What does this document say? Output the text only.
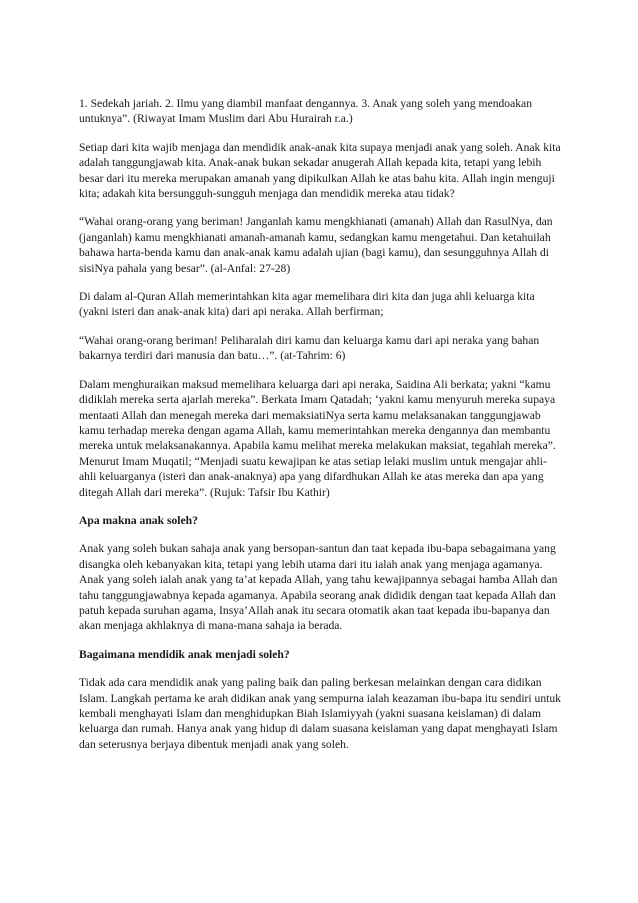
1. Sedekah jariah. 2. Ilmu yang diambil manfaat dengannya. 3. Anak yang soleh yang mendoakan untuknya”. (Riwayat Imam Muslim dari Abu Hurairah r.a.)

Setiap dari kita wajib menjaga dan mendidik anak-anak kita supaya menjadi anak yang soleh. Anak kita adalah tanggungjawab kita. Anak-anak bukan sekadar anugerah Allah kepada kita, tetapi yang lebih besar dari itu mereka merupakan amanah yang dipikulkan Allah ke atas bahu kita. Allah ingin menguji kita; adakah kita bersungguh-sungguh menjaga dan mendidik mereka atau tidak?

“Wahai orang-orang yang beriman! Janganlah kamu mengkhianati (amanah) Allah dan RasulNya, dan (janganlah) kamu mengkhianati amanah-amanah kamu, sedangkan kamu mengetahui. Dan ketahuilah bahawa harta-benda kamu dan anak-anak kamu adalah ujian (bagi kamu), dan sesungguhnya Allah di sisiNya pahala yang besar”. (al-Anfal: 27-28)

Di dalam al-Quran Allah memerintahkan kita agar memelihara diri kita dan juga ahli keluarga kita (yakni isteri dan anak-anak kita) dari api neraka. Allah berfirman;

“Wahai orang-orang beriman! Peliharalah diri kamu dan keluarga kamu dari api neraka yang bahan bakarnya terdiri dari manusia dan batu…”. (at-Tahrim: 6)

Dalam menghuraikan maksud memelihara keluarga dari api neraka, Saidina Ali berkata; yakni “kamu didiklah mereka serta ajarlah mereka”. Berkata Imam Qatadah; ‘yakni kamu menyuruh mereka supaya mentaati Allah dan menegah mereka dari memaksiatiNya serta kamu melaksanakan tanggungjawab kamu terhadap mereka dengan agama Allah, kamu memerintahkan mereka dengannya dan membantu mereka untuk melaksanakannya. Apabila kamu melihat mereka melakukan maksiat, tegahlah mereka”. Menurut Imam Muqatil; “Menjadi suatu kewajipan ke atas setiap lelaki muslim untuk mengajar ahli-ahli keluarganya (isteri dan anak-anaknya) apa yang difardhukan Allah ke atas mereka dan apa yang ditegah Allah dari mereka”. (Rujuk: Tafsir Ibu Kathir)

Apa makna anak soleh?

Anak yang soleh bukan sahaja anak yang bersopan-santun dan taat kepada ibu-bapa sebagaimana yang disangka oleh kebanyakan kita, tetapi yang lebih utama dari itu ialah anak yang menjaga agamanya. Anak yang soleh ialah anak yang ta’at kepada Allah, yang tahu kewajipannya sebagai hamba Allah dan tahu tanggungjawabnya kepada agamanya. Apabila seorang anak dididik dengan taat kepada Allah dan patuh kepada suruhan agama, Insya’Allah anak itu secara otomatik akan taat kepada ibu-bapanya dan akan menjaga akhlaknya di mana-mana sahaja ia berada.

Bagaimana mendidik anak menjadi soleh?

Tidak ada cara mendidik anak yang paling baik dan paling berkesan melainkan dengan cara didikan Islam. Langkah pertama ke arah didikan anak yang sempurna ialah keazaman ibu-bapa itu sendiri untuk kembali menghayati Islam dan menghidupkan Biah Islamiyyah (yakni suasana keislaman) di dalam keluarga dan rumah. Hanya anak yang hidup di dalam suasana keislaman yang dapat menghayati Islam dan seterusnya berjaya dibentuk menjadi anak yang soleh.
